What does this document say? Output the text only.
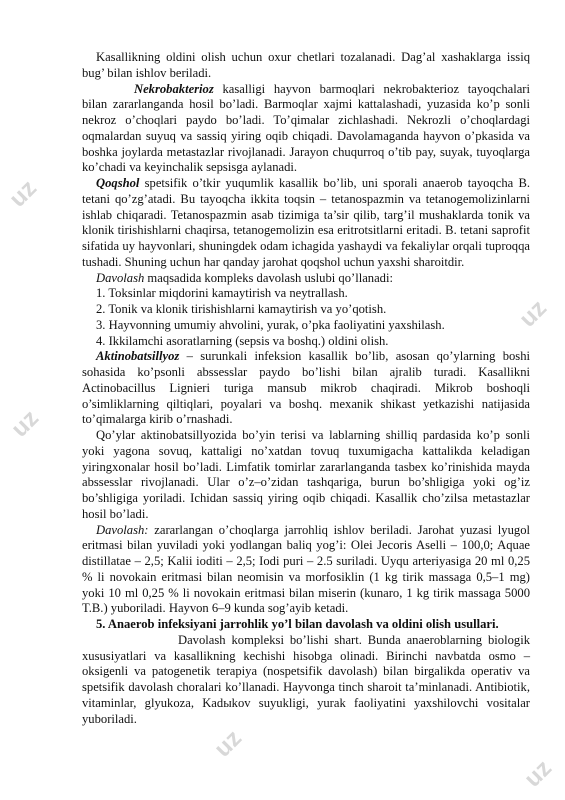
uz
uz
uz
uz
uz

Kasallikning oldini olish uchun oxur chetlari tozalanadi. Dag’al xashaklarga issiq bug’ bilan ishlov beriladi.

Nekrobakterioz kasalligi hayvon barmoqlari nekrobakterioz tayoqchalari bilan zararlanganda hosil bo’ladi. Barmoqlar xajmi kattalashadi, yuzasida ko’p sonli nekroz o’choqlari paydo bo’ladi. To’qimalar zichlashadi. Nekrozli o’choqlardagi oqmalardan suyuq va sassiq yiring oqib chiqadi. Davolamaganda hayvon o’pkasida va boshka joylarda metastazlar rivojlanadi. Jarayon chuqurroq o’tib pay, suyak, tuyoqlarga ko’chadi va keyinchalik sepsisga aylanadi.

Qoqshol spetsifik o’tkir yuqumlik kasallik bo’lib, uni sporali anaerob tayoqcha B. tetani qo’zg’atadi. Bu tayoqcha ikkita toqsin – tetanospazmin va tetanogemolizinlarni ishlab chiqaradi. Tetanospazmin asab tizimiga ta’sir qilib, targ’il mushaklarda tonik va klonik tirishishlarni chaqirsa, tetanogemolizin esa eritrotsitlarni eritadi. B. tetani saprofit sifatida uy hayvonlari, shuningdek odam ichagida yashaydi va fekaliylar orqali tuproqqa tushadi. Shuning uchun har qanday jarohat qoqshol uchun yaxshi sharoitdir.

Davolash maqsadida kompleks davolash uslubi qo’llanadi:

1. Toksinlar miqdorini kamaytirish va neytrallash.

2. Tonik va klonik tirishishlarni kamaytirish va yo’qotish.

3. Hayvonning umumiy ahvolini, yurak, o’pka faoliyatini yaxshilash.

4. Ikkilamchi asoratlarning (sepsis va boshq.) oldini olish.

Aktinobatsillyoz – surunkali infeksion kasallik bo’lib, asosan qo’ylarning boshi sohasida ko’psonli abssesslar paydo bo’lishi bilan ajralib turadi. Kasallikni Actinobacillus Lignieri turiga mansub mikrob chaqiradi. Mikrob boshoqli o’simliklarning qiltiqlari, poyalari va boshq. mexanik shikast yetkazishi natijasida to’qimalarga kirib o’rnashadi.

Qo’ylar aktinobatsillyozida bo’yin terisi va lablarning shilliq pardasida ko’p sonli yoki yagona sovuq, kattaligi no’xatdan tovuq tuxumigacha kattalikda keladigan yiringxonalar hosil bo’ladi. Limfatik tomirlar zararlanganda tasbex ko’rinishida mayda abssesslar rivojlanadi. Ular o’z–o’zidan tashqariga, burun bo’shligiga yoki og’iz bo’shligiga yoriladi. Ichidan sassiq yiring oqib chiqadi. Kasallik cho’zilsa metastazlar hosil bo’ladi.

Davolash: zararlangan o’choqlarga jarrohliq ishlov beriladi. Jarohat yuzasi lyugol eritmasi bilan yuviladi yoki yodlangan baliq yog’i: Olei Jecoris Aselli – 100,0; Aquae distillatae – 2,5; Kalii ioditi – 2,5; Iodi puri – 2.5 suriladi. Uyqu arteriyasiga 20 ml 0,25 % li novokain eritmasi bilan neomisin va morfosiklin (1 kg tirik massaga 0,5–1 mg) yoki 10 ml 0,25 % li novokain eritmasi bilan miserin (kunaro, 1 kg tirik massaga 5000 T.B.) yuboriladi. Hayvon 6–9 kunda sog’ayib ketadi.

5. Anaerob infeksiyani jarrohlik yo’l bilan davolash va oldini olish usullari.

Davolash kompleksi bo’lishi shart. Bunda anaeroblarning biologik xususiyatlari va kasallikning kechishi hisobga olinadi. Birinchi navbatda osmo – oksigenli va patogenetik terapiya (nospetsifik davolash) bilan birgalikda operativ va spetsifik davolash choralari ko’llanadi. Hayvonga tinch sharoit ta’minlanadi. Antibiotik, vitaminlar, glyukoza, Kadыkov suyukligi, yurak faoliyatini yaxshilovchi vositalar yuboriladi.
